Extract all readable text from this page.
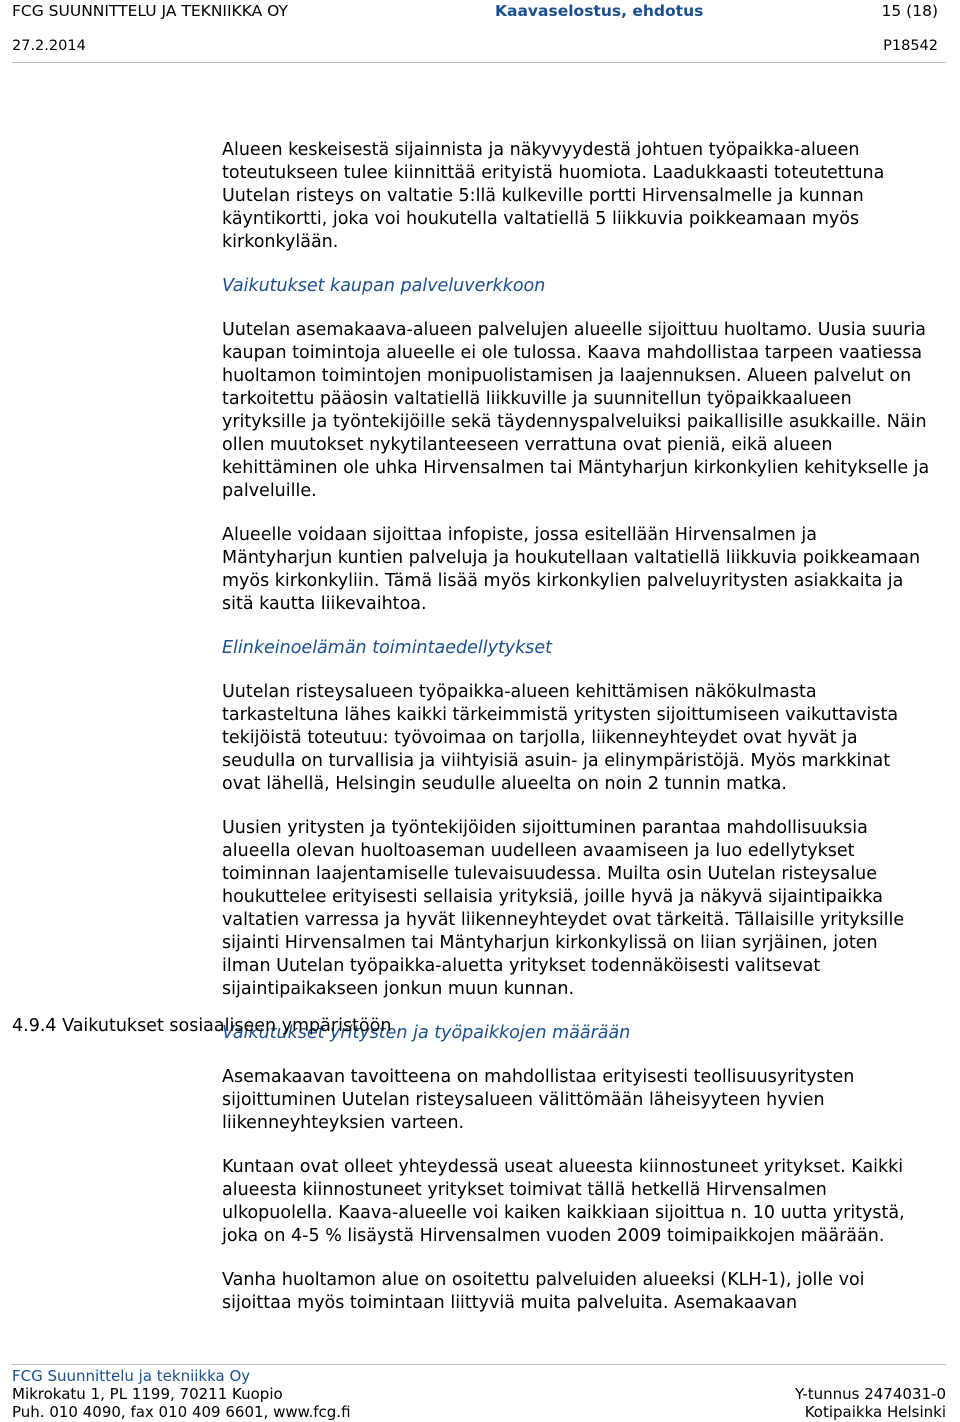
FCG SUUNNITTELU JA TEKNIIKKA OY	Kaavaselostus, ehdotus	15 (18)
27.2.2014	P18542

Alueen keskeisestä sijainnista ja näkyvyydestä johtuen työpaikka-alueen toteutukseen tulee kiinnittää erityistä huomiota. Laadukkaasti toteutettuna Uutelan risteys on valtatie 5:llä kulkeville portti Hirvensalmelle ja kunnan käyntikortti, joka voi houkutella valtatiellä 5 liikkuvia poikkeamaan myös kirkonkylään.

Vaikutukset kaupan palveluverkkoon

Uutelan asemakaava-alueen palvelujen alueelle sijoittuu huoltamo. Uusia suuria kaupan toimintoja alueelle ei ole tulossa. Kaava mahdollistaa tarpeen vaatiessa huoltamon toimintojen monipuolistamisen ja laajennuksen. Alueen palvelut on tarkoitettu pääosin valtatiellä liikkuville ja suunnitellun työpaikkaalueen yrityksille ja työntekijöille sekä täydennyspalveluiksi paikallisille asukkaille. Näin ollen muutokset nykytilanteeseen verrattuna ovat pieniä, eikä alueen kehittäminen ole uhka Hirvensalmen tai Mäntyharjun kirkonkylien kehitykselle ja palveluille.

Alueelle voidaan sijoittaa infopiste, jossa esitellään Hirvensalmen ja Mäntyharjun kuntien palveluja ja houkutellaan valtatiellä liikkuvia poikkeamaan myös kirkonkyliin. Tämä lisää myös kirkonkylien palveluyritysten asiakkaita ja sitä kautta liikevaihtoa.

Elinkeinoelämän toimintaedellytykset

Uutelan risteysalueen työpaikka-alueen kehittämisen näkökulmasta tarkasteltuna lähes kaikki tärkeimmistä yritysten sijoittumiseen vaikuttavista tekijöistä toteutuu: työvoimaa on tarjolla, liikenneyhteydet ovat hyvät ja seudulla on turvallisia ja viihtyisiä asuin- ja elinympäristöjä. Myös markkinat ovat lähellä, Helsingin seudulle alueelta on noin 2 tunnin matka.

Uusien yritysten ja työntekijöiden sijoittuminen parantaa mahdollisuuksia alueella olevan huoltoaseman uudelleen avaamiseen ja luo edellytykset toiminnan laajentamiselle tulevaisuudessa. Muilta osin Uutelan risteysalue houkuttelee erityisesti sellaisia yrityksiä, joille hyvä ja näkyvä sijaintipaikka valtatien varressa ja hyvät liikenneyhteydet ovat tärkeitä. Tällaisille yrityksille sijainti Hirvensalmen tai Mäntyharjun kirkonkylissä on liian syrjäinen, joten ilman Uutelan työpaikka-aluetta yritykset todennäköisesti valitsevat sijaintipaikakseen jonkun muun kunnan.

Vaikutukset yritysten ja työpaikkojen määrään

Asemakaavan tavoitteena on mahdollistaa erityisesti teollisuusyritysten sijoittuminen Uutelan risteysalueen välittömään läheisyyteen hyvien liikenneyhteyksien varteen.

Kuntaan ovat olleet yhteydessä useat alueesta kiinnostuneet yritykset. Kaikki alueesta kiinnostuneet yritykset toimivat tällä hetkellä Hirvensalmen ulkopuolella. Kaava-alueelle voi kaiken kaikkiaan sijoittua n. 10 uutta yritystä, joka on 4-5 % lisäystä Hirvensalmen vuoden 2009 toimipaikkojen määrään.

Vanha huoltamon alue on osoitettu palveluiden alueeksi (KLH-1), jolle voi sijoittaa myös toimintaan liittyviä muita palveluita. Asemakaavan

4.9.4 Vaikutukset sosiaaliseen ympäristöön
FCG Suunnittelu ja tekniikka Oy
Mikrokatu 1, PL 1199, 70211 Kuopio	Y-tunnus 2474031-0
Puh. 010 4090, fax 010 409 6601, www.fcg.fi	Kotipaikka Helsinki
